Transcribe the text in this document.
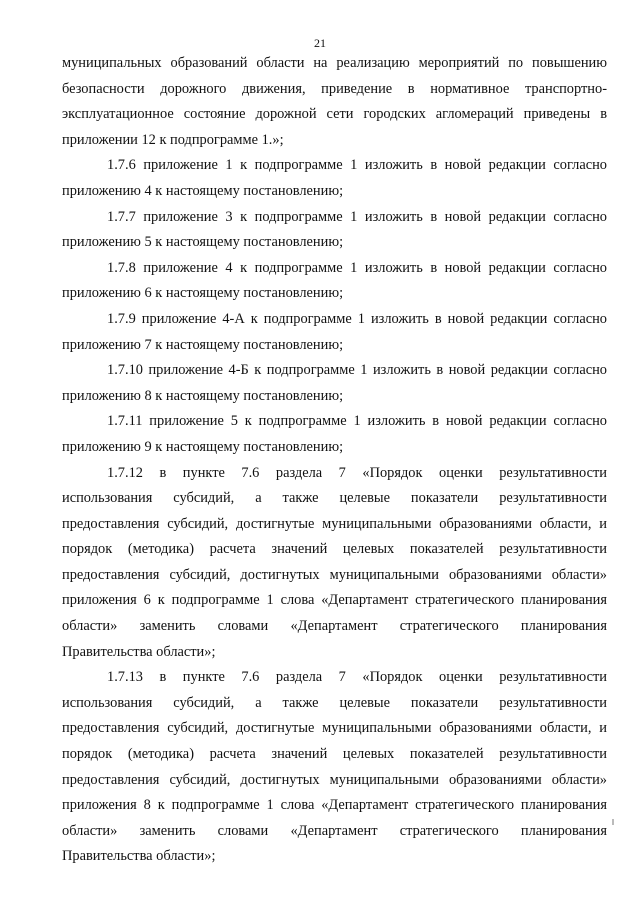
21
муниципальных образований области на реализацию мероприятий по повышению
безопасности дорожного движения, приведение в нормативное транспортно-
эксплуатационное состояние дорожной сети городских агломераций приведены в
приложении 12 к подпрограмме 1.»;
1.7.6 приложение 1 к подпрограмме 1 изложить в новой редакции согласно
приложению 4 к настоящему постановлению;
1.7.7 приложение 3 к подпрограмме 1 изложить в новой редакции согласно
приложению 5 к настоящему постановлению;
1.7.8 приложение 4 к подпрограмме 1 изложить в новой редакции согласно
приложению 6 к настоящему постановлению;
1.7.9 приложение 4-А к подпрограмме 1 изложить в новой редакции согласно
приложению 7 к настоящему постановлению;
1.7.10 приложение 4-Б к подпрограмме 1 изложить в новой редакции согласно
приложению 8 к настоящему постановлению;
1.7.11 приложение 5 к подпрограмме 1 изложить в новой редакции согласно
приложению 9 к настоящему постановлению;
1.7.12 в пункте 7.6 раздела 7 «Порядок оценки результативности
использования субсидий, а также целевые показатели результативности
предоставления субсидий, достигнутые муниципальными образованиями области, и
порядок (методика) расчета значений целевых показателей результативности
предоставления субсидий, достигнутых муниципальными образованиями области»
приложения 6 к подпрограмме 1 слова «Департамент стратегического планирования
области» заменить словами «Департамент стратегического планирования
Правительства области»;
1.7.13 в пункте 7.6 раздела 7 «Порядок оценки результативности
использования субсидий, а также целевые показатели результативности
предоставления субсидий, достигнутые муниципальными образованиями области, и
порядок (методика) расчета значений целевых показателей результативности
предоставления субсидий, достигнутых муниципальными образованиями области»
приложения 8 к подпрограмме 1 слова «Департамент стратегического планирования
области» заменить словами «Департамент стратегического планирования
Правительства области»;
